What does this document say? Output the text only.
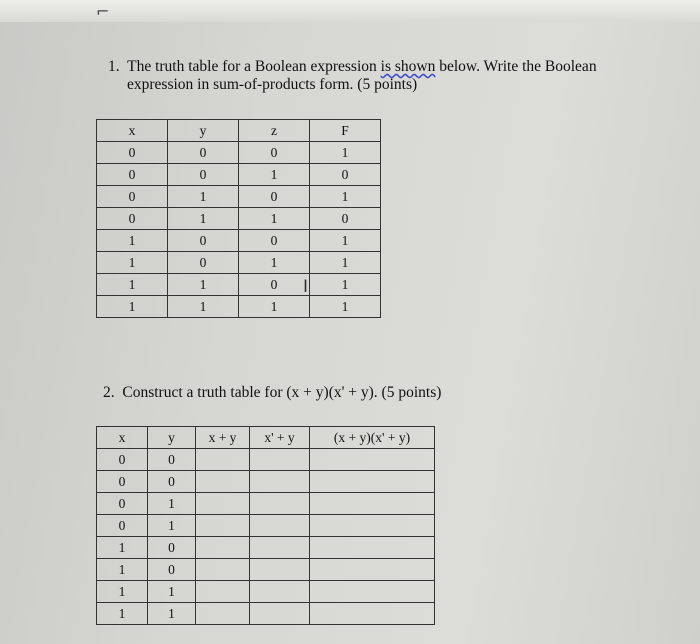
⌐
1. The truth table for a Boolean expression is shown below. Write the Boolean
expression in sum-of-products form. (5 points)
x	y	z	F
0	0	0	1
0	0	1	0
0	1	0	1
0	1	1	0
1	0	0	1
1	0	1	1
1	1	0	1
1	1	1	1
I
2. Construct a truth table for (x + y)(x' + y). (5 points)
x	y	x + y	x' + y	(x + y)(x' + y)
0	0			
0	0			
0	1			
0	1			
1	0			
1	0			
1	1			
1	1			
